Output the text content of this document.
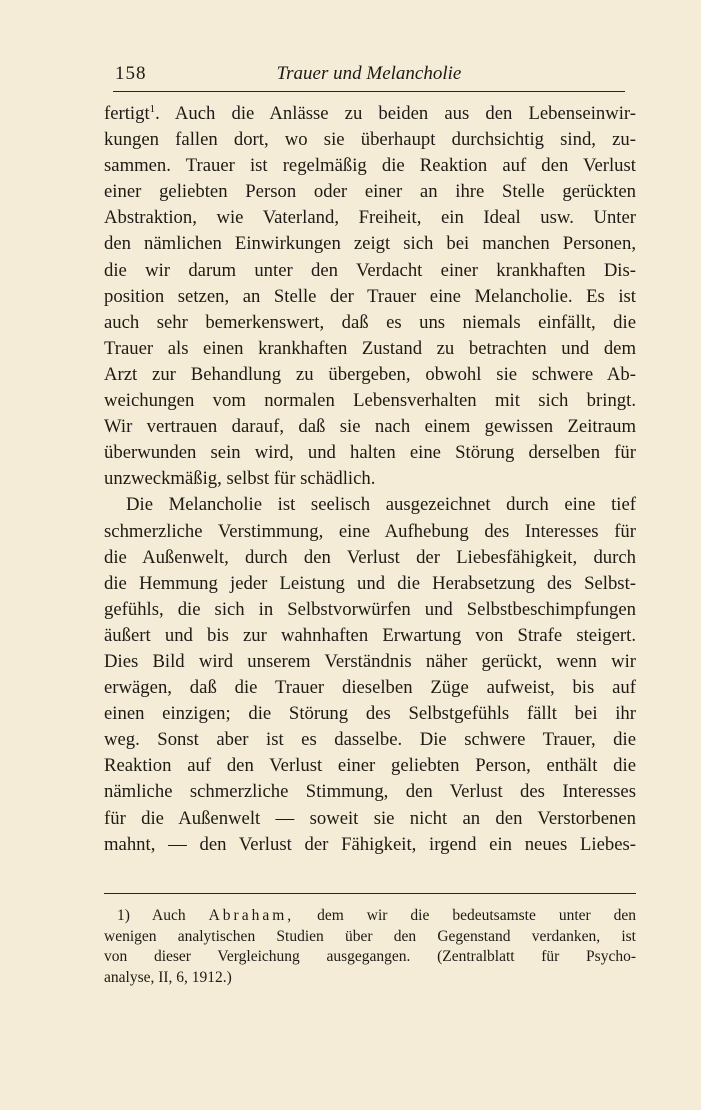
158	Trauer und Melancholie
fertigt$^1$. Auch die Anlässe zu beiden aus den Lebenseinwir-
kungen fallen dort, wo sie überhaupt durchsichtig sind, zu-
sammen. Trauer ist regelmäßig die Reaktion auf den Verlust
einer geliebten Person oder einer an ihre Stelle gerückten
Abstraktion, wie Vaterland, Freiheit, ein Ideal usw. Unter
den nämlichen Einwirkungen zeigt sich bei manchen Personen,
die wir darum unter den Verdacht einer krankhaften Dis-
position setzen, an Stelle der Trauer eine Melancholie. Es ist
auch sehr bemerkenswert, daß es uns niemals einfällt, die
Trauer als einen krankhaften Zustand zu betrachten und dem
Arzt zur Behandlung zu übergeben, obwohl sie schwere Ab-
weichungen vom normalen Lebensverhalten mit sich bringt.
Wir vertrauen darauf, daß sie nach einem gewissen Zeitraum
überwunden sein wird, und halten eine Störung derselben für
unzweckmäßig, selbst für schädlich.
Die Melancholie ist seelisch ausgezeichnet durch eine tief
schmerzliche Verstimmung, eine Aufhebung des Interesses für
die Außenwelt, durch den Verlust der Liebesfähigkeit, durch
die Hemmung jeder Leistung und die Herabsetzung des Selbst-
gefühls, die sich in Selbstvorwürfen und Selbstbeschimpfungen
äußert und bis zur wahnhaften Erwartung von Strafe steigert.
Dies Bild wird unserem Verständnis näher gerückt, wenn wir
erwägen, daß die Trauer dieselben Züge aufweist, bis auf
einen einzigen; die Störung des Selbstgefühls fällt bei ihr
weg. Sonst aber ist es dasselbe. Die schwere Trauer, die
Reaktion auf den Verlust einer geliebten Person, enthält die
nämliche schmerzliche Stimmung, den Verlust des Interesses
für die Außenwelt — soweit sie nicht an den Verstorbenen
mahnt, — den Verlust der Fähigkeit, irgend ein neues Liebes-
1) Auch Abraham, dem wir die bedeutsamste unter den
wenigen analytischen Studien über den Gegenstand verdanken, ist
von dieser Vergleichung ausgegangen. (Zentralblatt für Psycho-
analyse, II, 6, 1912.)
